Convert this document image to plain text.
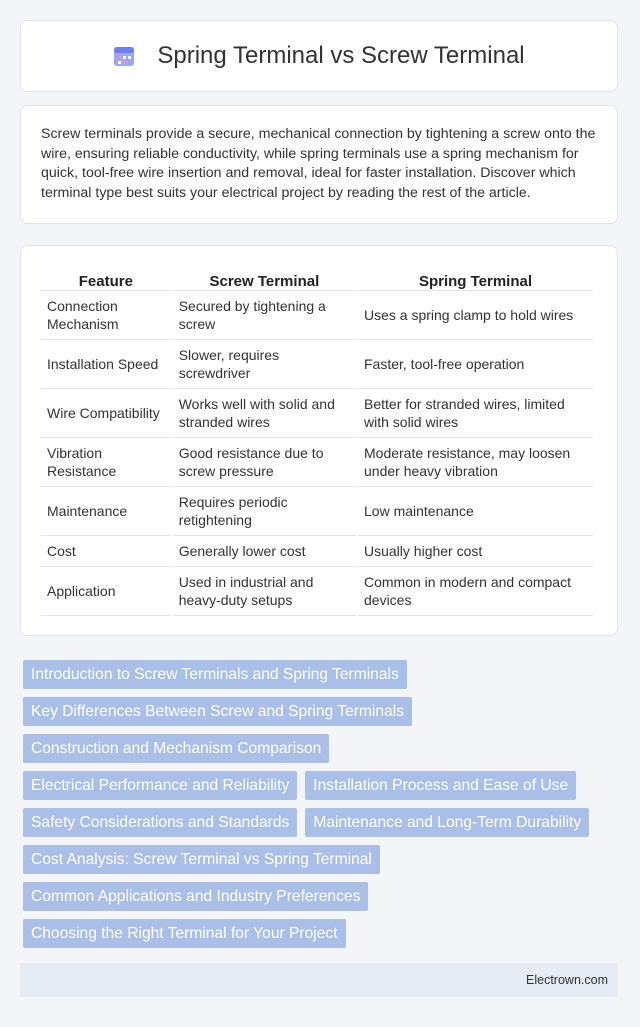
Spring Terminal vs Screw Terminal

Screw terminals provide a secure, mechanical connection by tightening a screw onto the wire, ensuring reliable conductivity, while spring terminals use a spring mechanism for quick, tool-free wire insertion and removal, ideal for faster installation. Discover which terminal type best suits your electrical project by reading the rest of the article.

Feature	Screw Terminal	Spring Terminal
Connection Mechanism	Secured by tightening a screw	Uses a spring clamp to hold wires
Installation Speed	Slower, requires screwdriver	Faster, tool-free operation
Wire Compatibility	Works well with solid and stranded wires	Better for stranded wires, limited with solid wires
Vibration Resistance	Good resistance due to screw pressure	Moderate resistance, may loosen under heavy vibration
Maintenance	Requires periodic retightening	Low maintenance
Cost	Generally lower cost	Usually higher cost
Application	Used in industrial and heavy-duty setups	Common in modern and compact devices
Introduction to Screw Terminals and Spring Terminals
Key Differences Between Screw and Spring Terminals
Construction and Mechanism Comparison
Electrical Performance and Reliability	Installation Process and Ease of Use
Safety Considerations and Standards	Maintenance and Long-Term Durability
Cost Analysis: Screw Terminal vs Spring Terminal
Common Applications and Industry Preferences
Choosing the Right Terminal for Your Project
Electrown.com
